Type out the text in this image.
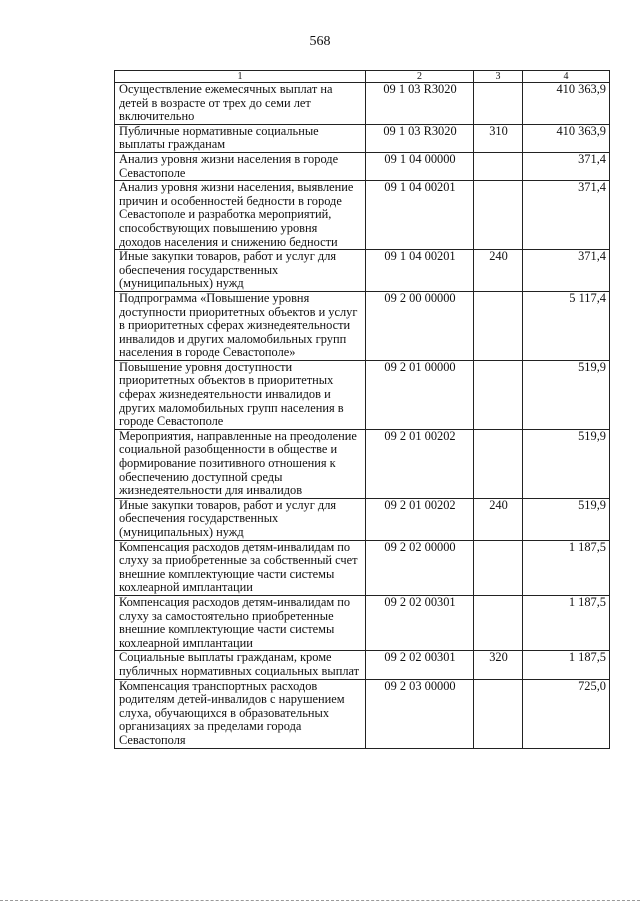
568
1	2	3	4
Осуществление ежемесячных выплат на детей в возрасте от трех до семи лет включительно	09 1 03 R3020		410 363,9
Публичные нормативные социальные выплаты гражданам	09 1 03 R3020	310	410 363,9
Анализ уровня жизни населения в городе Севастополе	09 1 04 00000		371,4
Анализ уровня жизни населения, выявление причин и особенностей бедности в городе Севастополе и разработка мероприятий, способствующих повышению уровня доходов населения и снижению бедности	09 1 04 00201		371,4
Иные закупки товаров, работ и услуг для обеспечения государственных (муниципальных) нужд	09 1 04 00201	240	371,4
Подпрограмма «Повышение уровня доступности приоритетных объектов и услуг в приоритетных сферах жизнедеятельности инвалидов и других маломобильных групп населения в городе Севастополе»	09 2 00 00000		5 117,4
Повышение уровня доступности приоритетных объектов в приоритетных сферах жизнедеятельности инвалидов и других маломобильных групп населения в городе Севастополе	09 2 01 00000		519,9
Мероприятия, направленные на преодоление социальной разобщенности в обществе и формирование позитивного отношения к обеспечению доступной среды жизнедеятельности для инвалидов	09 2 01 00202		519,9
Иные закупки товаров, работ и услуг для обеспечения государственных (муниципальных) нужд	09 2 01 00202	240	519,9
Компенсация расходов детям-инвалидам по слуху за приобретенные за собственный счет внешние комплектующие части системы кохлеарной имплантации	09 2 02 00000		1 187,5
Компенсация расходов детям-инвалидам по слуху за самостоятельно приобретенные внешние комплектующие части системы кохлеарной имплантации	09 2 02 00301		1 187,5
Социальные выплаты гражданам, кроме публичных нормативных социальных выплат	09 2 02 00301	320	1 187,5
Компенсация транспортных расходов родителям детей-инвалидов с нарушением слуха, обучающихся в образовательных организациях за пределами города Севастополя	09 2 03 00000		725,0
